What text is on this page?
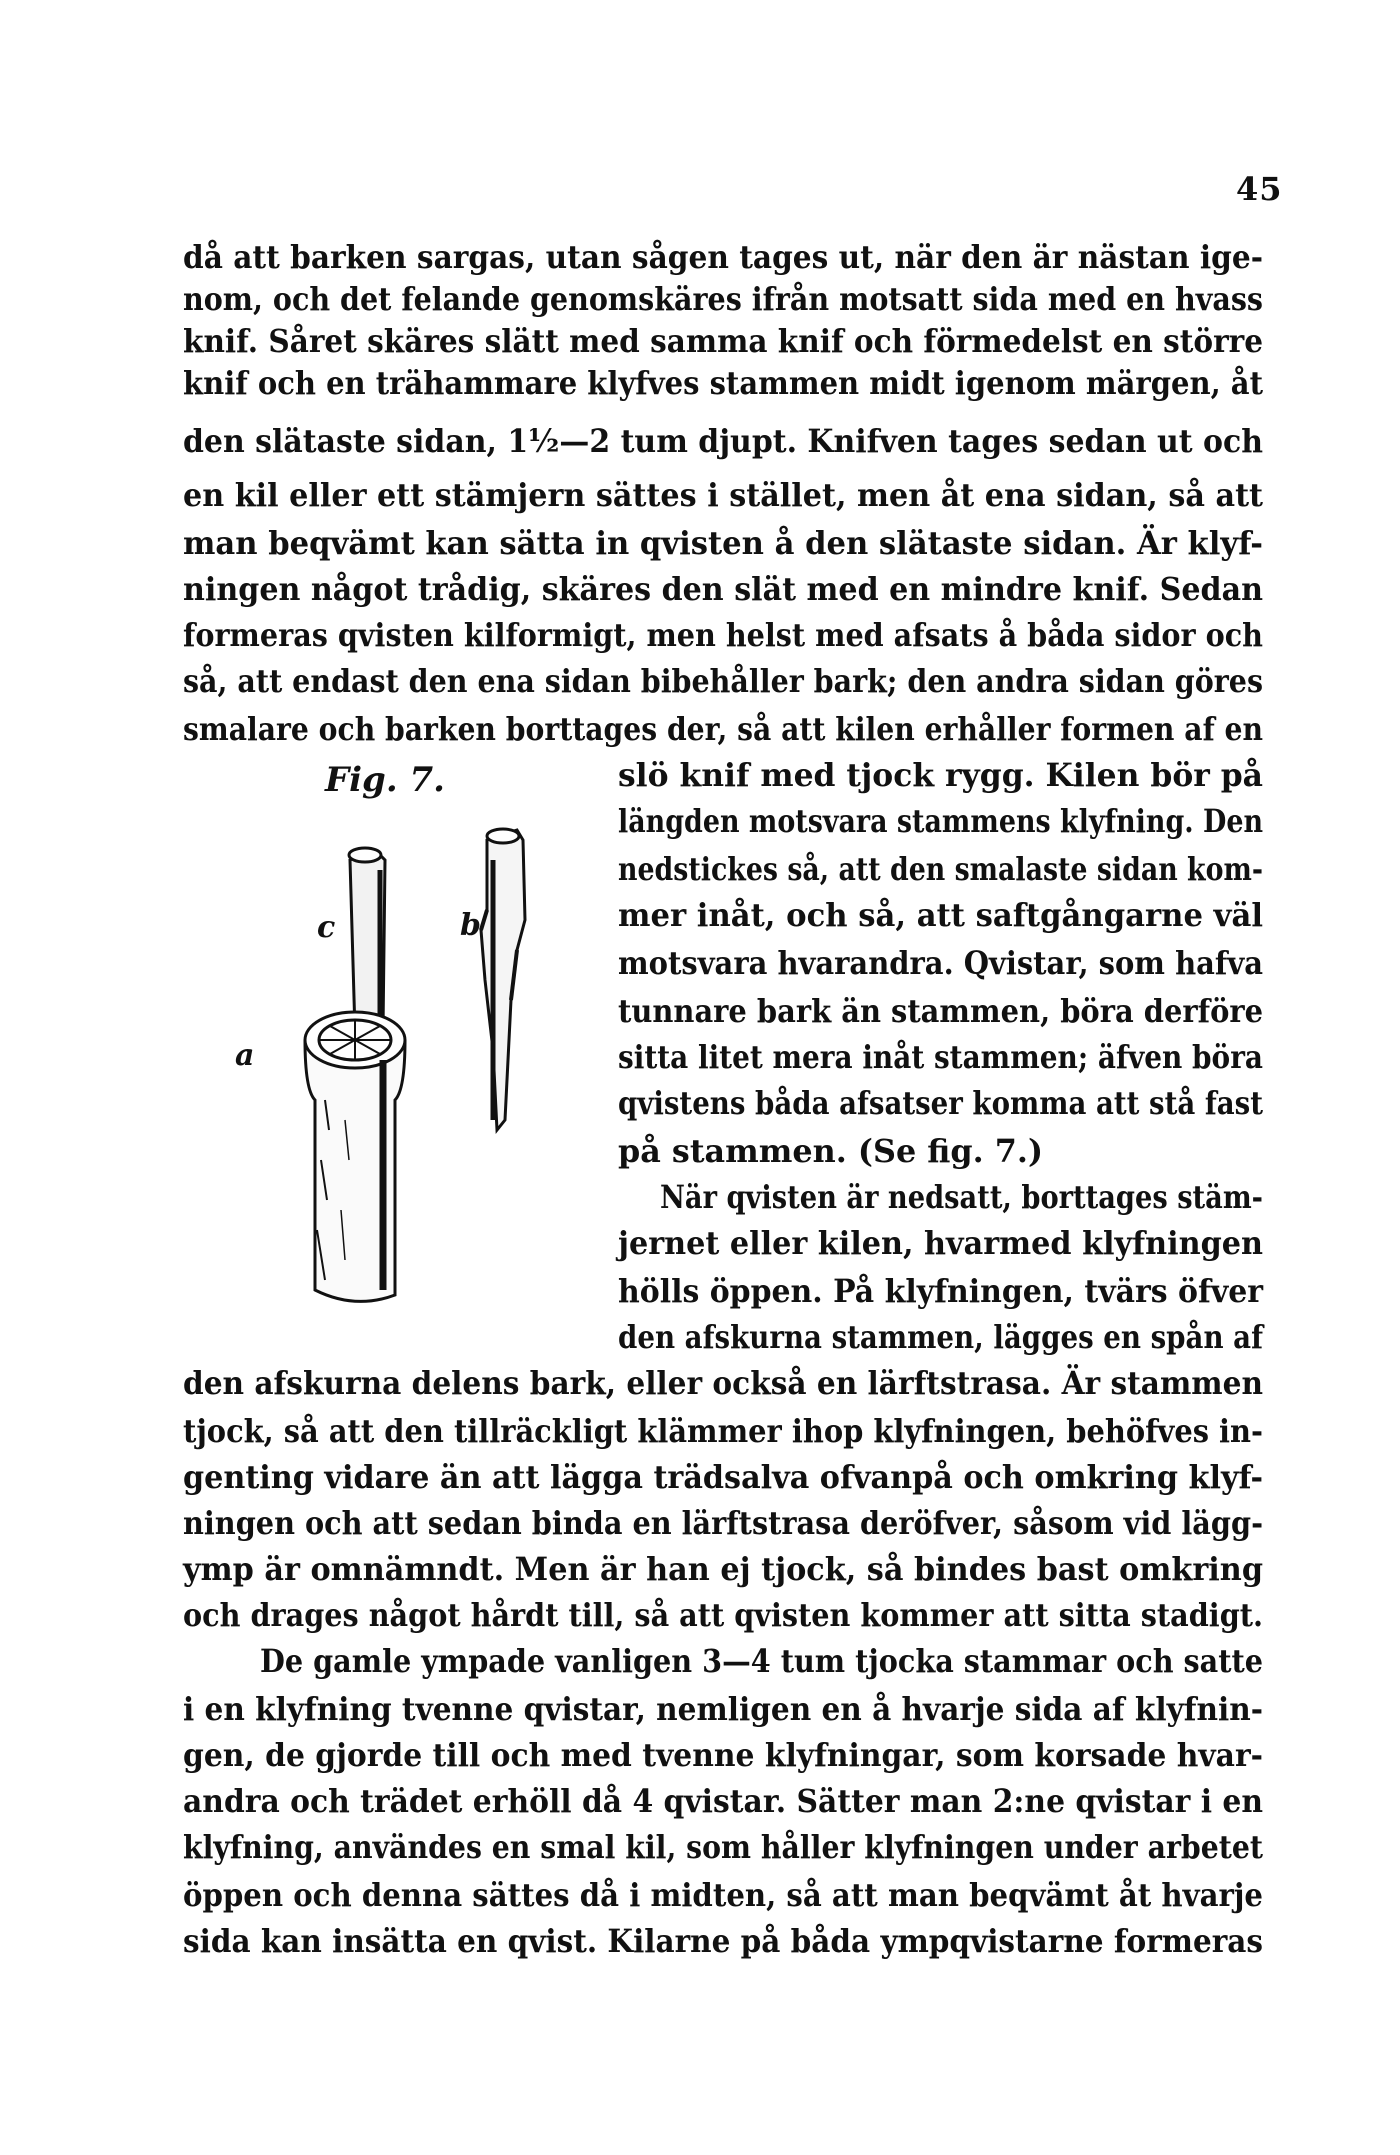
45
då att barken sargas, utan sågen tages ut, när den är nästan ige-
nom, och det felande genomskäres ifrån motsatt sida med en hvass
knif. Såret skäres slätt med samma knif och förmedelst en större
knif och en trähammare klyfves stammen midt igenom märgen, åt
den slätaste sidan, 1½—2 tum djupt. Knifven tages sedan ut och
en kil eller ett stämjern sättes i stället, men åt ena sidan, så att
man beqvämt kan sätta in qvisten å den slätaste sidan. Är klyf-
ningen något trådig, skäres den slät med en mindre knif. Sedan
formeras qvisten kilformigt, men helst med afsats å båda sidor och
så, att endast den ena sidan bibehåller bark; den andra sidan göres
smalare och barken borttages der, så att kilen erhåller formen af en
slö knif med tjock rygg. Kilen bör på
längden motsvara stammens klyfning. Den
nedstickes så, att den smalaste sidan kom-
mer inåt, och så, att saftgångarne väl
motsvara hvarandra. Qvistar, som hafva
tunnare bark än stammen, böra derföre
sitta litet mera inåt stammen; äfven böra
qvistens båda afsatser komma att stå fast
på stammen. (Se fig. 7.)
När qvisten är nedsatt, borttages stäm-
jernet eller kilen, hvarmed klyfningen
hölls öppen. På klyfningen, tvärs öfver
den afskurna stammen, lägges en spån af
den afskurna delens bark, eller också en lärftstrasa. Är stammen
tjock, så att den tillräckligt klämmer ihop klyfningen, behöfves in-
genting vidare än att lägga trädsalva ofvanpå och omkring klyf-
ningen och att sedan binda en lärftstrasa deröfver, såsom vid lägg-
ymp är omnämndt. Men är han ej tjock, så bindes bast omkring
och drages något hårdt till, så att qvisten kommer att sitta stadigt.
De gamle ympade vanligen 3—4 tum tjocka stammar och satte
i en klyfning tvenne qvistar, nemligen en å hvarje sida af klyfnin-
gen, de gjorde till och med tvenne klyfningar, som korsade hvar-
andra och trädet erhöll då 4 qvistar. Sätter man 2:ne qvistar i en
klyfning, användes en smal kil, som håller klyfningen under arbetet
öppen och denna sättes då i midten, så att man beqvämt åt hvarje
sida kan insätta en qvist. Kilarne på båda ympqvistarne formeras
Fig. 7.
c	b
a
